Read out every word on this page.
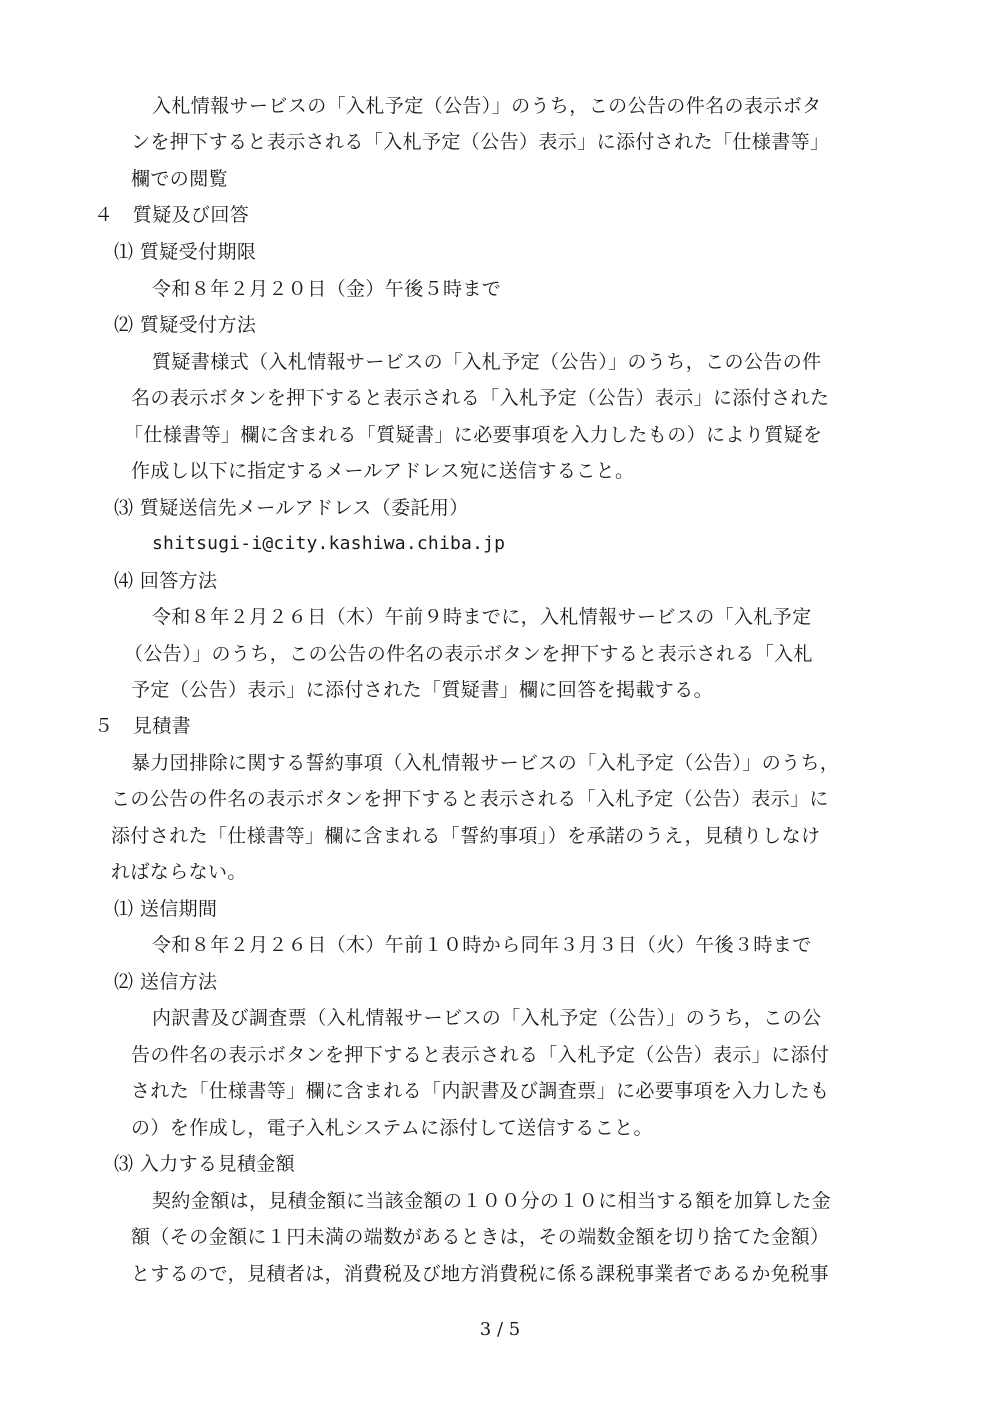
入札情報サービスの「入札予定（公告）」のうち，この公告の件名の表示ボタ
ンを押下すると表示される「入札予定（公告）表示」に添付された「仕様書等」
欄での閲覧
４　質疑及び回答
⑴ 質疑受付期限
令和８年２月２０日（金）午後５時まで
⑵ 質疑受付方法
質疑書様式（入札情報サービスの「入札予定（公告）」のうち，この公告の件
名の表示ボタンを押下すると表示される「入札予定（公告）表示」に添付された
「仕様書等」欄に含まれる「質疑書」に必要事項を入力したもの）により質疑を
作成し以下に指定するメールアドレス宛に送信すること。
⑶ 質疑送信先メールアドレス（委託用）
shitsugi-i@city.kashiwa.chiba.jp
⑷ 回答方法
令和８年２月２６日（木）午前９時までに，入札情報サービスの「入札予定
（公告）」のうち，この公告の件名の表示ボタンを押下すると表示される「入札
予定（公告）表示」に添付された「質疑書」欄に回答を掲載する。
５　見積書
暴力団排除に関する誓約事項（入札情報サービスの「入札予定（公告）」のうち，
この公告の件名の表示ボタンを押下すると表示される「入札予定（公告）表示」に
添付された「仕様書等」欄に含まれる「誓約事項」）を承諾のうえ，見積りしなけ
ればならない。
⑴ 送信期間
令和８年２月２６日（木）午前１０時から同年３月３日（火）午後３時まで
⑵ 送信方法
内訳書及び調査票（入札情報サービスの「入札予定（公告）」のうち，この公
告の件名の表示ボタンを押下すると表示される「入札予定（公告）表示」に添付
された「仕様書等」欄に含まれる「内訳書及び調査票」に必要事項を入力したも
の）を作成し，電子入札システムに添付して送信すること。
⑶ 入力する見積金額
契約金額は，見積金額に当該金額の１００分の１０に相当する額を加算した金
額（その金額に１円未満の端数があるときは，その端数金額を切り捨てた金額）
とするので，見積者は，消費税及び地方消費税に係る課税事業者であるか免税事
3 / 5
